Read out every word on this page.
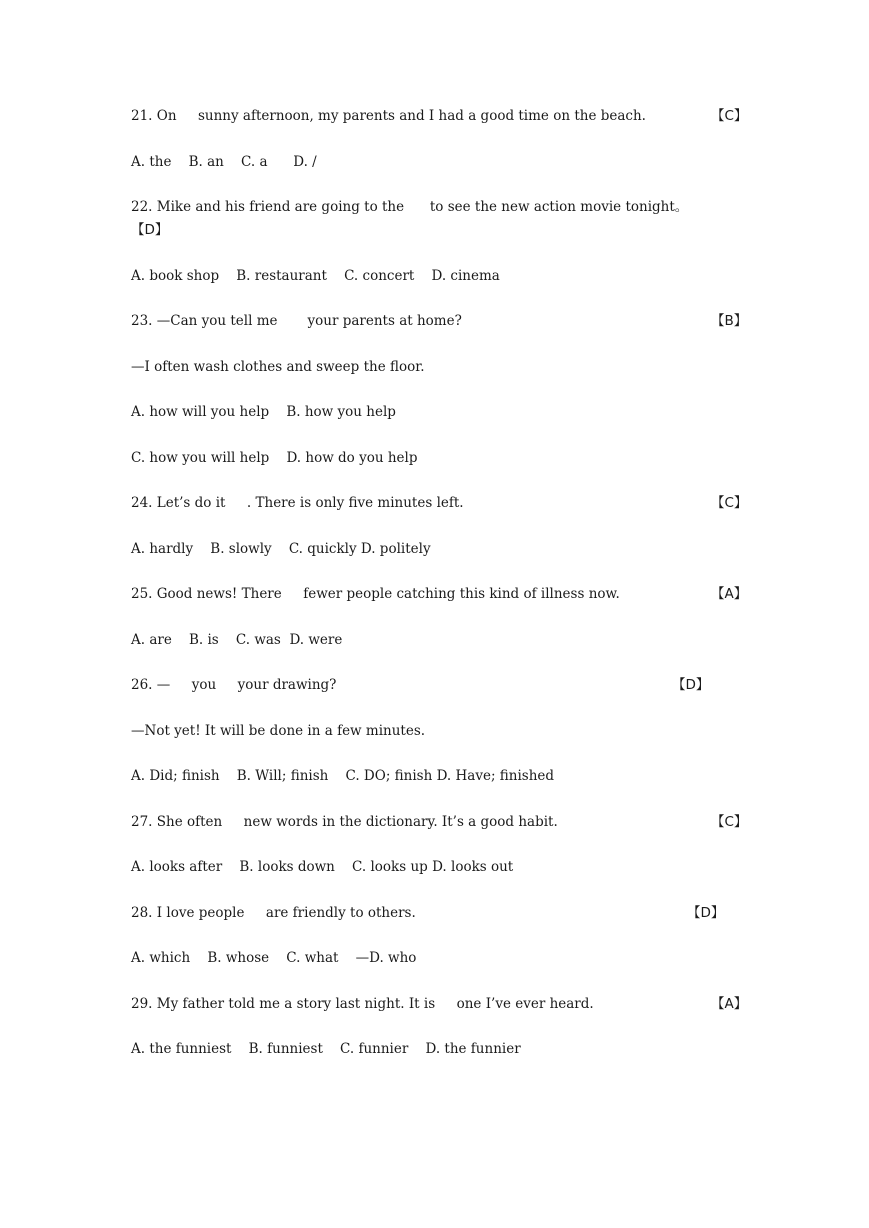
21. On     sunny afternoon, my parents and I had a good time on the beach.	【C】
A. the    B. an    C. a      D. /
22. Mike and his friend are going to the      to see the new action movie tonight。
【D】
A. book shop    B. restaurant    C. concert    D. cinema
23. —Can you tell me       your parents at home?	【B】
—I often wash clothes and sweep the floor.
A. how will you help    B. how you help
C. how you will help    D. how do you help
24. Let’s do it     . There is only five minutes left.	【C】
A. hardly    B. slowly    C. quickly D. politely
25. Good news! There     fewer people catching this kind of illness now.	【A】
A. are    B. is    C. was  D. were
26. —     you     your drawing?	【D】
—Not yet! It will be done in a few minutes.
A. Did; finish    B. Will; finish    C. DO; finish D. Have; finished
27. She often     new words in the dictionary. It’s a good habit.	【C】
A. looks after    B. looks down    C. looks up D. looks out
28. I love people     are friendly to others.	【D】
A. which    B. whose    C. what    —D. who
29. My father told me a story last night. It is     one I’ve ever heard.	【A】
A. the funniest    B. funniest    C. funnier    D. the funnier
